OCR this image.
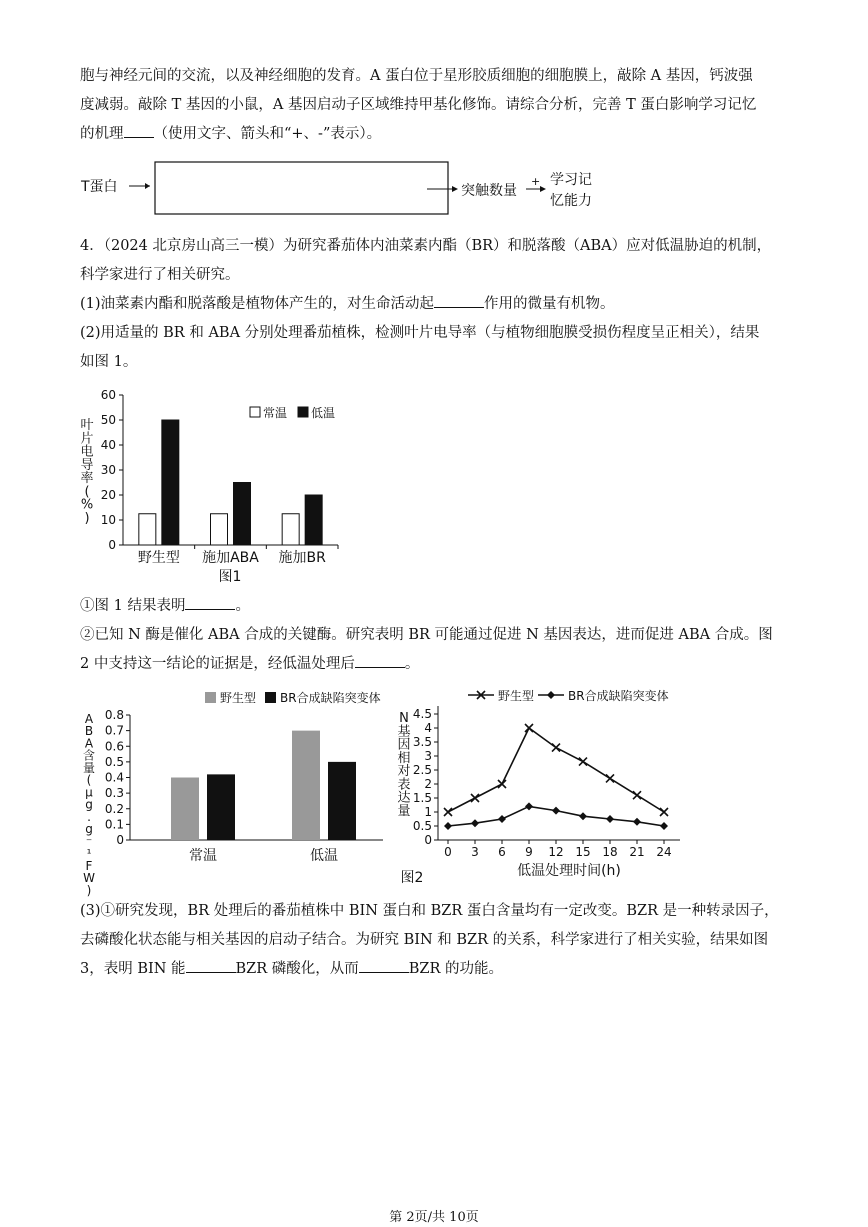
胞与神经元间的交流，以及神经细胞的发育。A 蛋白位于星形胶质细胞的细胞膜上，敲除 A 基因，钙波强
度减弱。敲除 T 基因的小鼠，A 基因启动子区域维持甲基化修饰。请综合分析，完善 T 蛋白影响学习记忆
的机理 （使用文字、箭头和“+、-”表示）。
T蛋白	突触数量
+ 学习记
忆能力
4．（2024 北京房山高三一模）为研究番茄体内油菜素内酯（BR）和脱落酸（ABA）应对低温胁迫的机制，
科学家进行了相关研究。
(1)油菜素内酯和脱落酸是植物体产生的，对生命活动起	作用的微量有机物。
(2)用适量的 BR 和 ABA 分别处理番茄植株，检测叶片电导率（与植物细胞膜受损伤程度呈正相关），结果
如图 1。
0
10
20
30
40
50
60
叶片电导率( % )
野生型 施加ABA 施加BR
图1
常温 低温
①图 1 结果表明	。
②已知 N 酶是催化 ABA 合成的关键酶。研究表明 BR 可能通过促进 N 基因表达，进而促进 ABA 合成。图
2 中支持这一结论的证据是，经低温处理后	。
0
0.1
0.2
0.3
0.4
0.5
0.6
0.7
0.8
A B A 含量( μ g . g ⁻ ¹ F W )
常温	低温
野生型 BR合成缺陷突变体
0
0.5
1
1.5
2
2.5
3
3.5
4
4.5
0 3 6 9 12 15 18 21 24
N 基因相对表达量
低温处理时间(h)
图2
野生型	BR合成缺陷突变体
(3)①研究发现，BR 处理后的番茄植株中 BIN 蛋白和 BZR 蛋白含量均有一定改变。BZR 是一种转录因子，
去磷酸化状态能与相关基因的启动子结合。为研究 BIN 和 BZR 的关系，科学家进行了相关实验，结果如图
3，表明 BIN 能	BZR 磷酸化，从而	BZR 的功能。
第 2页/共 10页
